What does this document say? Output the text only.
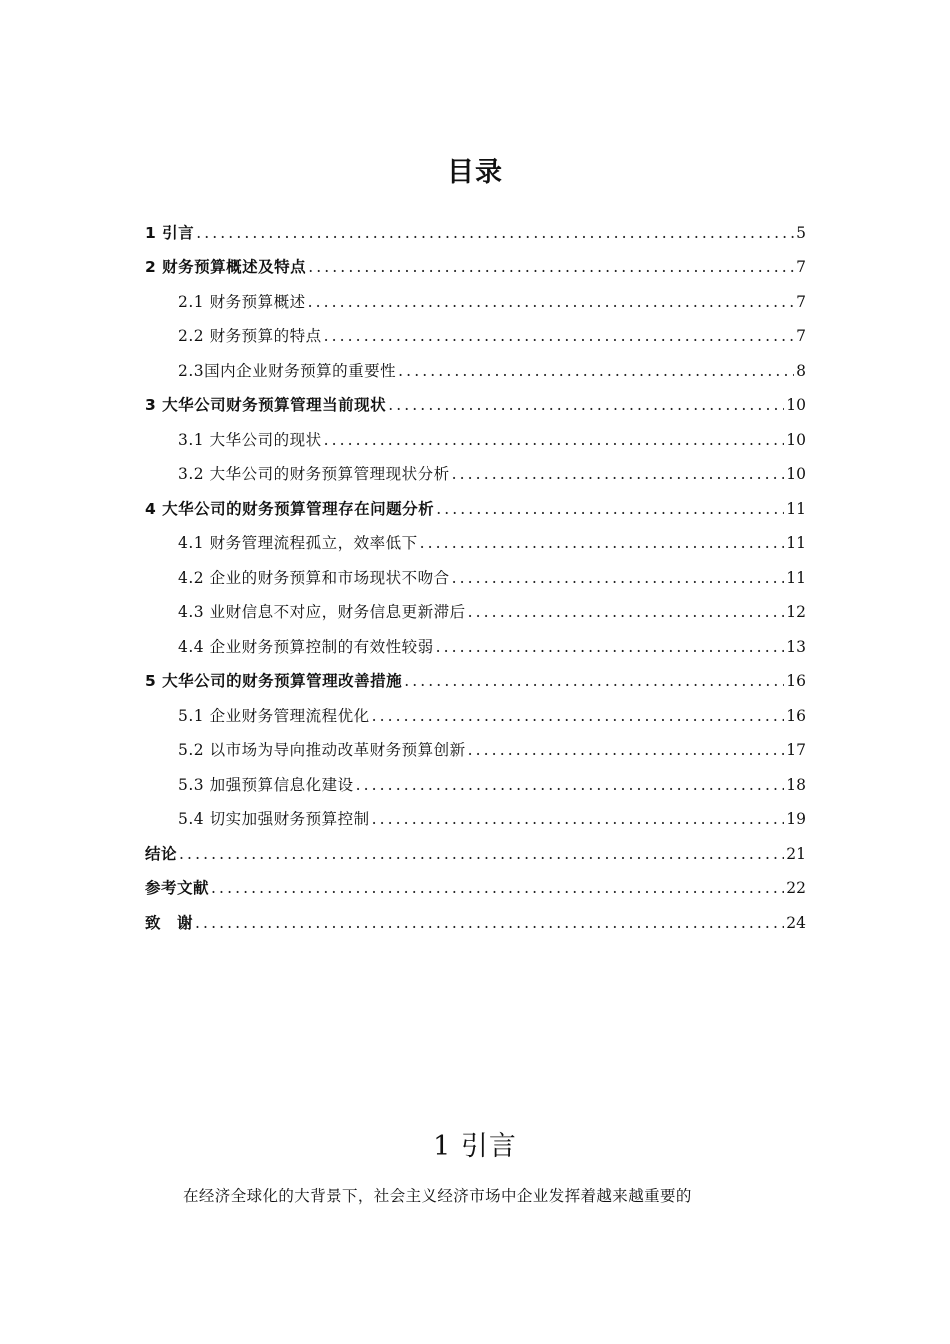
目录
1 引言 .....	5
2 财务预算概述及特点 .....	7
2.1 财务预算概述 .....	7
2.2 财务预算的特点 .....	7
2.3国内企业财务预算的重要性 .....	8
3 大华公司财务预算管理当前现状 .....	10
3.1 大华公司的现状 .....	10
3.2 大华公司的财务预算管理现状分析 .....	10
4 大华公司的财务预算管理存在问题分析 .....	11
4.1 财务管理流程孤立，效率低下 .....	11
4.2 企业的财务预算和市场现状不吻合 .....	11
4.3 业财信息不对应，财务信息更新滞后 .....	12
4.4 企业财务预算控制的有效性较弱 .....	13
5 大华公司的财务预算管理改善措施 .....	16
5.1 企业财务管理流程优化 .....	16
5.2 以市场为导向推动改革财务预算创新 .....	17
5.3 加强预算信息化建设 .....	18
5.4 切实加强财务预算控制 .....	19
结论 .....	21
参考文献 .....	22
致　谢 .....	24
1 引言
在经济全球化的大背景下，社会主义经济市场中企业发挥着越来越重要的
